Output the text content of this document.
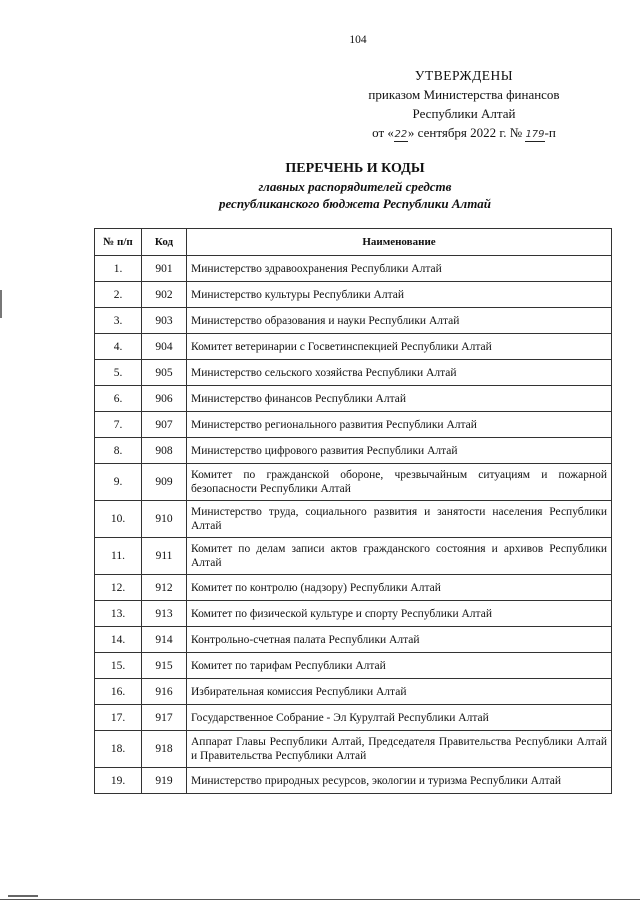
104
УТВЕРЖДЕНЫ
приказом Министерства финансов
Республики Алтай
от «22» сентября 2022 г. № 179-п
ПЕРЕЧЕНЬ И КОДЫ
главных распорядителей средств
республиканского бюджета Республики Алтай
№ п/п	Код	Наименование
1.	901	Министерство здравоохранения Республики Алтай
2.	902	Министерство культуры Республики Алтай
3.	903	Министерство образования и науки Республики Алтай
4.	904	Комитет ветеринарии с Госветинспекцией Республики Алтай
5.	905	Министерство сельского хозяйства Республики Алтай
6.	906	Министерство финансов Республики Алтай
7.	907	Министерство регионального развития Республики Алтай
8.	908	Министерство цифрового развития Республики Алтай
9.	909	Комитет по гражданской обороне, чрезвычайным ситуациям и пожарной безопасности Республики Алтай
10.	910	Министерство труда, социального развития и занятости населения Республики Алтай
11.	911	Комитет по делам записи актов гражданского состояния и архивов Республики Алтай
12.	912	Комитет по контролю (надзору) Республики Алтай
13.	913	Комитет по физической культуре и спорту Республики Алтай
14.	914	Контрольно-счетная палата Республики Алтай
15.	915	Комитет по тарифам Республики Алтай
16.	916	Избирательная комиссия Республики Алтай
17.	917	Государственное Собрание - Эл Курултай Республики Алтай
18.	918	Аппарат Главы Республики Алтай, Председателя Правительства Республики Алтай и Правительства Республики Алтай
19.	919	Министерство природных ресурсов, экологии и туризма Республики Алтай
